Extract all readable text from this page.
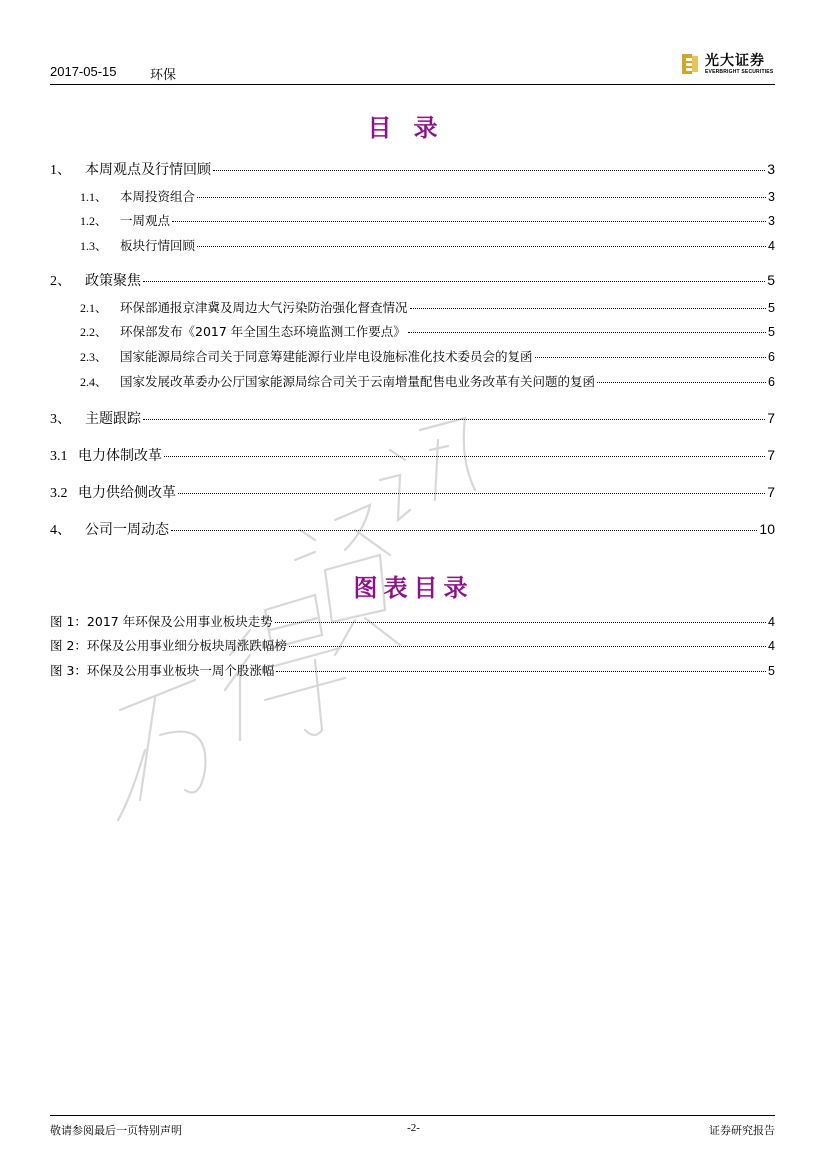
2017-05-15	环保
光大证券
EVERBRIGHT SECURITIES
目录
1、	本周观点及行情回顾	3
1.1、	本周投资组合	3
1.2、	一周观点	3
1.3、	板块行情回顾	4
2、	政策聚焦	5
2.1、	环保部通报京津冀及周边大气污染防治强化督查情况	5
2.2、	环保部发布《2017 年全国生态环境监测工作要点》	5
2.3、	国家能源局综合司关于同意筹建能源行业岸电设施标准化技术委员会的复函	6
2.4、	国家发展改革委办公厅国家能源局综合司关于云南增量配售电业务改革有关问题的复函	6
3、	主题跟踪	7
3.1 电力体制改革	7
3.2 电力供给侧改革	7
4、	公司一周动态	10
图表目录
图 1：2017 年环保及公用事业板块走势	4
图 2：环保及公用事业细分板块周涨跌幅榜	4
图 3：环保及公用事业板块一周个股涨幅	5
敬请参阅最后一页特别声明	-2-	证券研究报告
